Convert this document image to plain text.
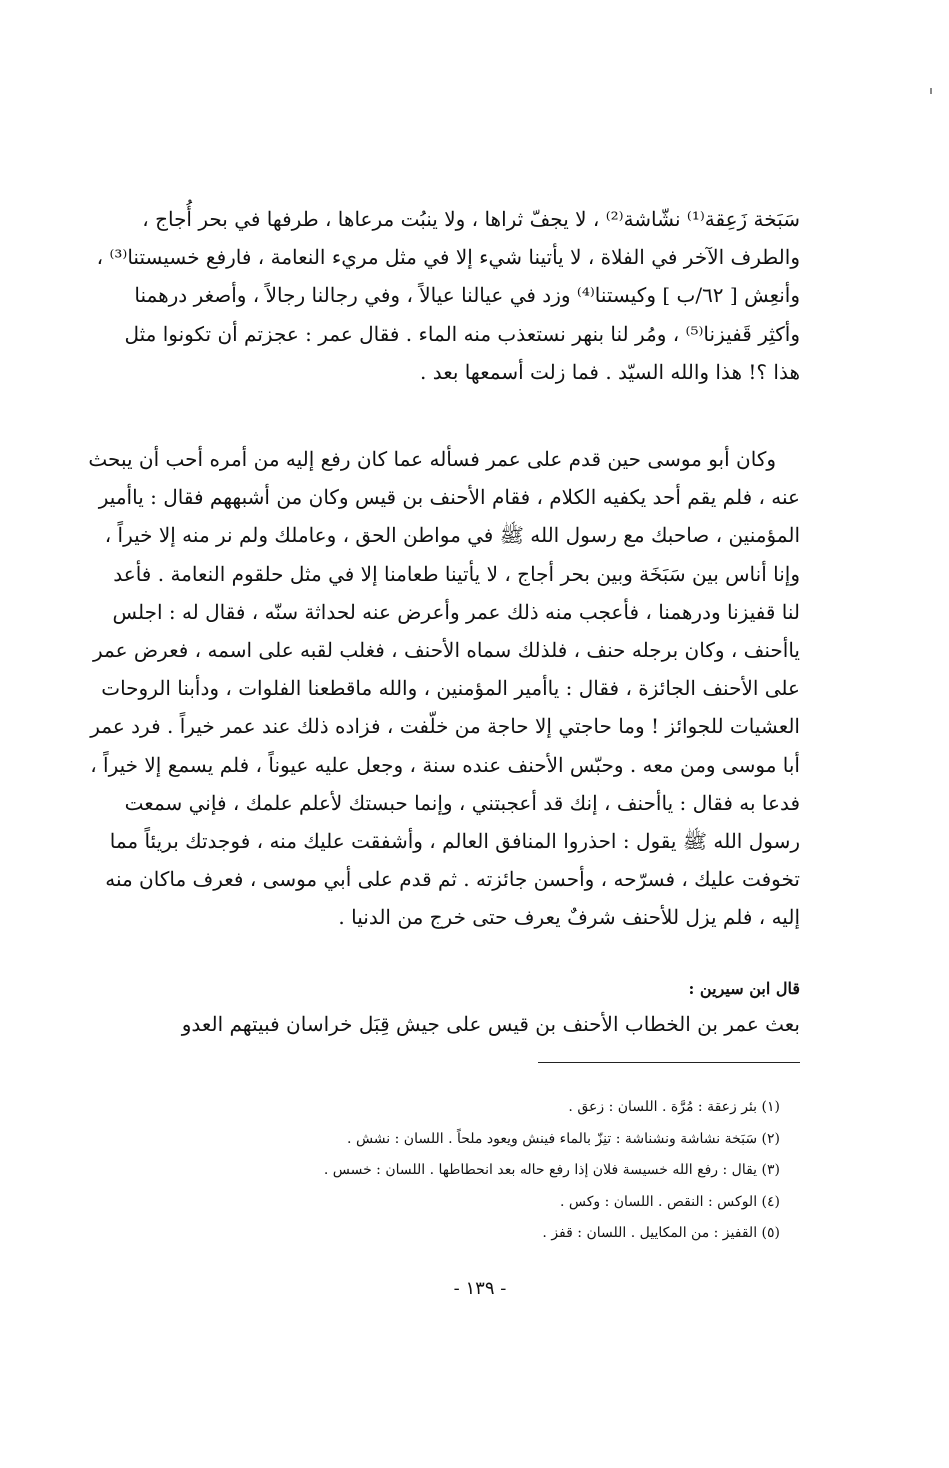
سَبَخة زَعِقة⁽¹⁾ نشّاشة⁽²⁾ ، لا يجفّ ثراها ، ولا ينبُت مرعاها ، طرفها في بحر أُجاج ،
والطرف الآخر في الفلاة ، لا يأتينا شيء إلا في مثل مريء النعامة ، فارفع خسيستنا⁽³⁾ ،
وأنعِش [ ٦٢/ب ] وكيستنا⁽⁴⁾ وزد في عيالنا عيالاً ، وفي رجالنا رجالاً ، وأصغر درهمنا
وأكثِر قَفيزنا⁽⁵⁾ ، ومُر لنا بنهر نستعذب منه الماء . فقال عمر : عجزتم أن تكونوا مثل
هذا ؟! هذا والله السيّد . فما زلت أسمعها بعد .
وكان أبو موسى حين قدم على عمر فسأله عما كان رفع إليه من أمره أحب أن يبحث
عنه ، فلم يقم أحد يكفيه الكلام ، فقام الأحنف بن قيس وكان من أشبههم فقال : ياأمير
المؤمنين ، صاحبك مع رسول الله ﷺ في مواطن الحق ، وعاملك ولم نر منه إلا خيراً ،
وإنا أناس بين سَبَخَة وبين بحر أجاج ، لا يأتينا طعامنا إلا في مثل حلقوم النعامة . فأعد
لنا قفيزنا ودرهمنا ، فأعجب منه ذلك عمر وأعرض عنه لحداثة سنّه ، فقال له : اجلس
ياأحنف ، وكان برجله حنف ، فلذلك سماه الأحنف ، فغلب لقبه على اسمه ، فعرض عمر
على الأحنف الجائزة ، فقال : ياأمير المؤمنين ، والله ماقطعنا الفلوات ، ودأبنا الروحات
العشيات للجوائز ! وما حاجتي إلا حاجة من خلّفت ، فزاده ذلك عند عمر خيراً . فرد عمر
أبا موسى ومن معه . وحبّس الأحنف عنده سنة ، وجعل عليه عيوناً ، فلم يسمع إلا خيراً ،
فدعا به فقال : ياأحنف ، إنك قد أعجبتني ، وإنما حبستك لأعلم علمك ، فإني سمعت
رسول الله ﷺ يقول : احذروا المنافق العالم ، وأشفقت عليك منه ، فوجدتك بريئاً مما
تخوفت عليك ، فسرّحه ، وأحسن جائزته . ثم قدم على أبي موسى ، فعرف ماكان منه
إليه ، فلم يزل للأحنف شرفٌ يعرف حتى خرج من الدنيا .
قال ابن سيرين :
بعث عمر بن الخطاب الأحنف بن قيس على جيش قِبَل خراسان فبيتهم العدو
(١) بئر زعقة : مُرَّة . اللسان : زعق .
(٢) سَبَخة نشاشة ونشناشة : تنِزّ بالماء فينش ويعود ملحاً . اللسان : نشش .
(٣) يقال : رفع الله خسيسة فلان إذا رفع حاله بعد انحطاطها . اللسان : خسس .
(٤) الوكس : النقص . اللسان : وكس .
(٥) القفيز : من المكاييل . اللسان : قفز .
- ١٣٩ -
